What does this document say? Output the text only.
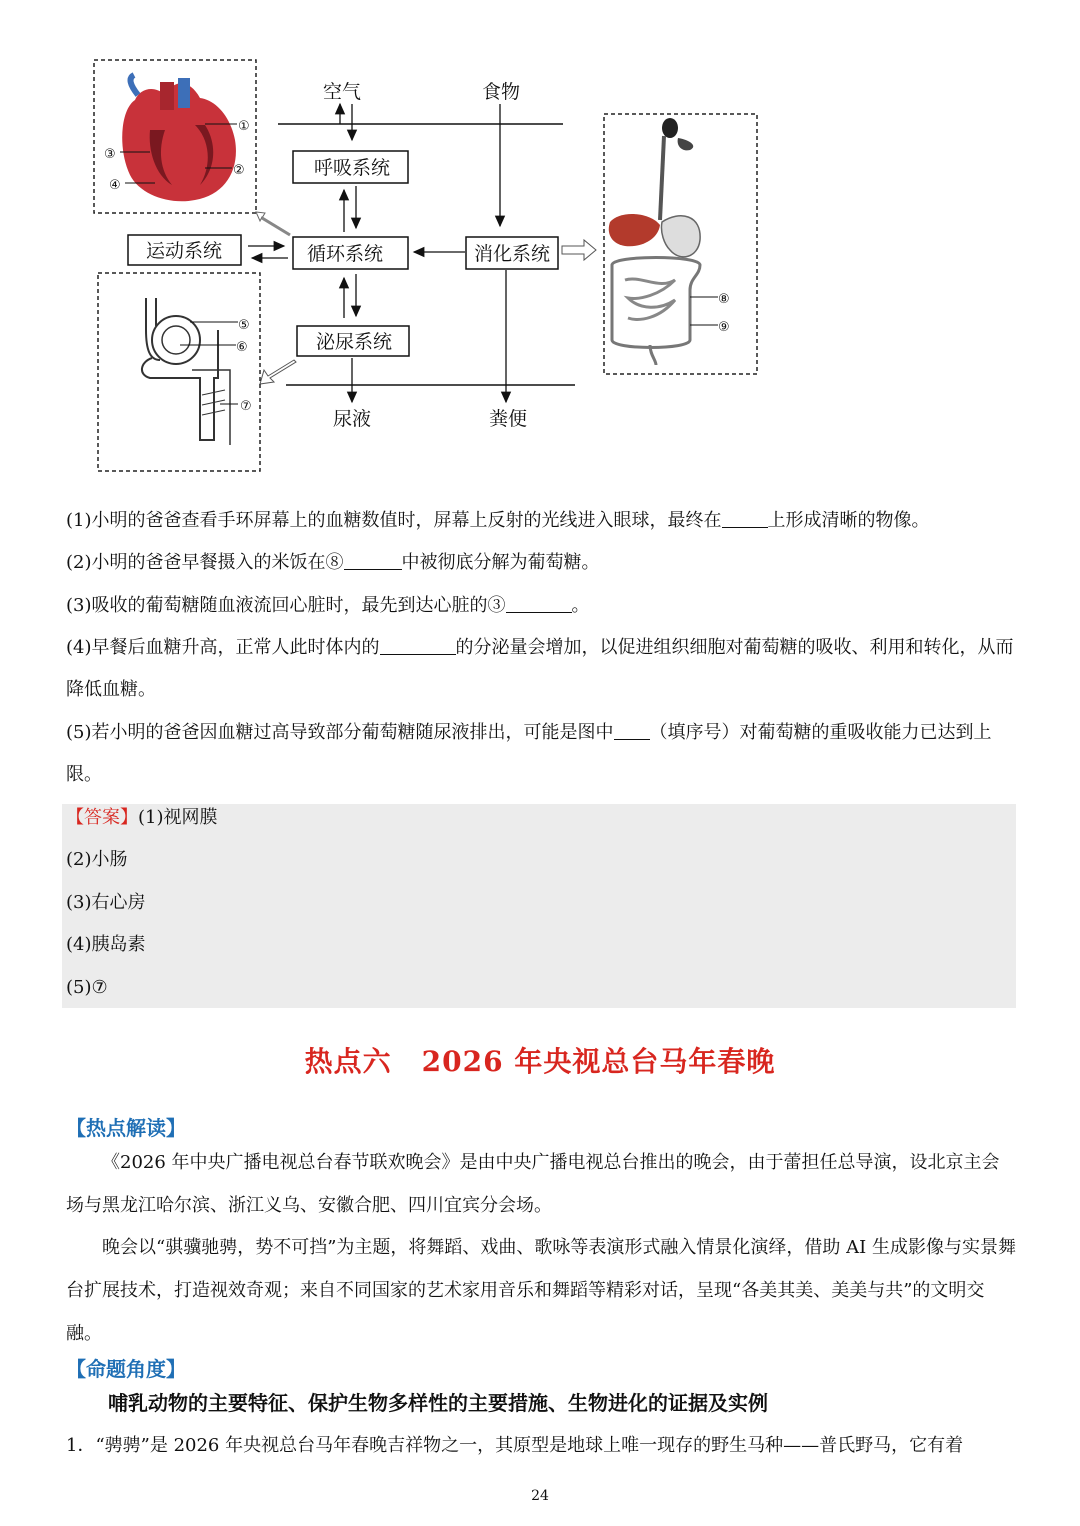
①
②
③
④
空气	食物
呼吸系统
运动系统	循环系统	消化系统
泌尿系统
尿液	粪便
⑤
⑥
⑦
⑧
⑨
(1)小明的爸爸查看手环屏幕上的血糖数值时，屏幕上反射的光线进入眼球，最终在	上形成清晰的物像。
(2)小明的爸爸早餐摄入的米饭在⑧	中被彻底分解为葡萄糖。
(3)吸收的葡萄糖随血液流回心脏时，最先到达心脏的③	。
(4)早餐后血糖升高，正常人此时体内的	的分泌量会增加，以促进组织细胞对葡萄糖的吸收、利用和转化，从而降低血糖。
(5)若小明的爸爸因血糖过高导致部分葡萄糖随尿液排出，可能是图中 （填序号）对葡萄糖的重吸收能力已达到上限。
【答案】(1)视网膜
(2)小肠
(3)右心房
(4)胰岛素
(5)⑦
热点六 2026 年央视总台马年春晚
【热点解读】
《2026 年中央广播电视总台春节联欢晚会》是由中央广播电视总台推出的晚会，由于蕾担任总导演，设北京主会场与黑龙江哈尔滨、浙江义乌、安徽合肥、四川宜宾分会场。
晚会以“骐骥驰骋，势不可挡”为主题，将舞蹈、戏曲、歌咏等表演形式融入情景化演绎，借助 AI 生成影像与实景舞台扩展技术，打造视效奇观；来自不同国家的艺术家用音乐和舞蹈等精彩对话，呈现“各美其美、美美与共”的文明交融。
【命题角度】
哺乳动物的主要特征、保护生物多样性的主要措施、生物进化的证据及实例
1．“骋骋”是 2026 年央视总台马年春晚吉祥物之一，其原型是地球上唯一现存的野生马种——普氏野马，它有着
24
